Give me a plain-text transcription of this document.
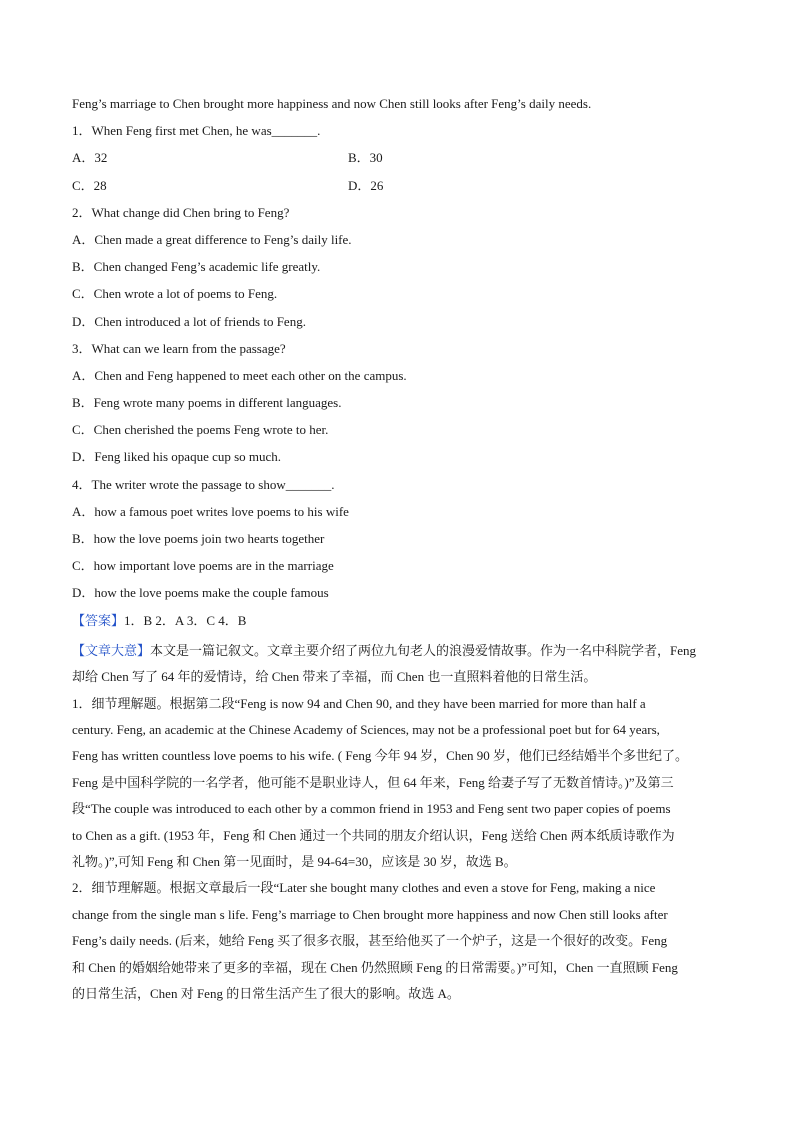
Feng’s marriage to Chen brought more happiness and now Chen still looks after Feng’s daily needs.
1．When Feng first met Chen, he was_______.
A．32	B．30
C．28	D．26
2．What change did Chen bring to Feng?
A．Chen made a great difference to Feng’s daily life.
B．Chen changed Feng’s academic life greatly.
C．Chen wrote a lot of poems to Feng.
D．Chen introduced a lot of friends to Feng.
3．What can we learn from the passage?
A．Chen and Feng happened to meet each other on the campus.
B．Feng wrote many poems in different languages.
C．Chen cherished the poems Feng wrote to her.
D．Feng liked his opaque cup so much.
4．The writer wrote the passage to show_______.
A．how a famous poet writes love poems to his wife
B．how the love poems join two hearts together
C．how important love poems are in the marriage
D．how the love poems make the couple famous
【答案】1．B 2．A 3．C 4．B
【文章大意】本文是一篇记叙文。文章主要介绍了两位九旬老人的浪漫爱情故事。作为一名中科院学者，Feng
却给 Chen 写了 64 年的爱情诗，给 Chen 带来了幸福，而 Chen 也一直照料着他的日常生活。
1．细节理解题。根据第二段“Feng is now 94 and Chen 90, and they have been married for more than half a
century. Feng, an academic at the Chinese Academy of Sciences, may not be a professional poet but for 64 years,
Feng has written countless love poems to his wife. ( Feng 今年 94 岁，Chen 90 岁，他们已经结婚半个多世纪了。
Feng 是中国科学院的一名学者，他可能不是职业诗人，但 64 年来，Feng 给妻子写了无数首情诗。)”及第三
段“The couple was introduced to each other by a common friend in 1953 and Feng sent two paper copies of poems
to Chen as a gift. (1953 年，Feng 和 Chen 通过一个共同的朋友介绍认识，Feng 送给 Chen 两本纸质诗歌作为
礼物。)”,可知 Feng 和 Chen 第一见面时，是 94-64=30，应该是 30 岁，故选 B。
2．细节理解题。根据文章最后一段“Later she bought many clothes and even a stove for Feng, making a nice
change from the single man s life. Feng’s marriage to Chen brought more happiness and now Chen still looks after
Feng’s daily needs. (后来，她给 Feng 买了很多衣服，甚至给他买了一个炉子，这是一个很好的改变。Feng
和 Chen 的婚姻给她带来了更多的幸福，现在 Chen 仍然照顾 Feng 的日常需要。)”可知，Chen 一直照顾 Feng
的日常生活，Chen 对 Feng 的日常生活产生了很大的影响。故选 A。
